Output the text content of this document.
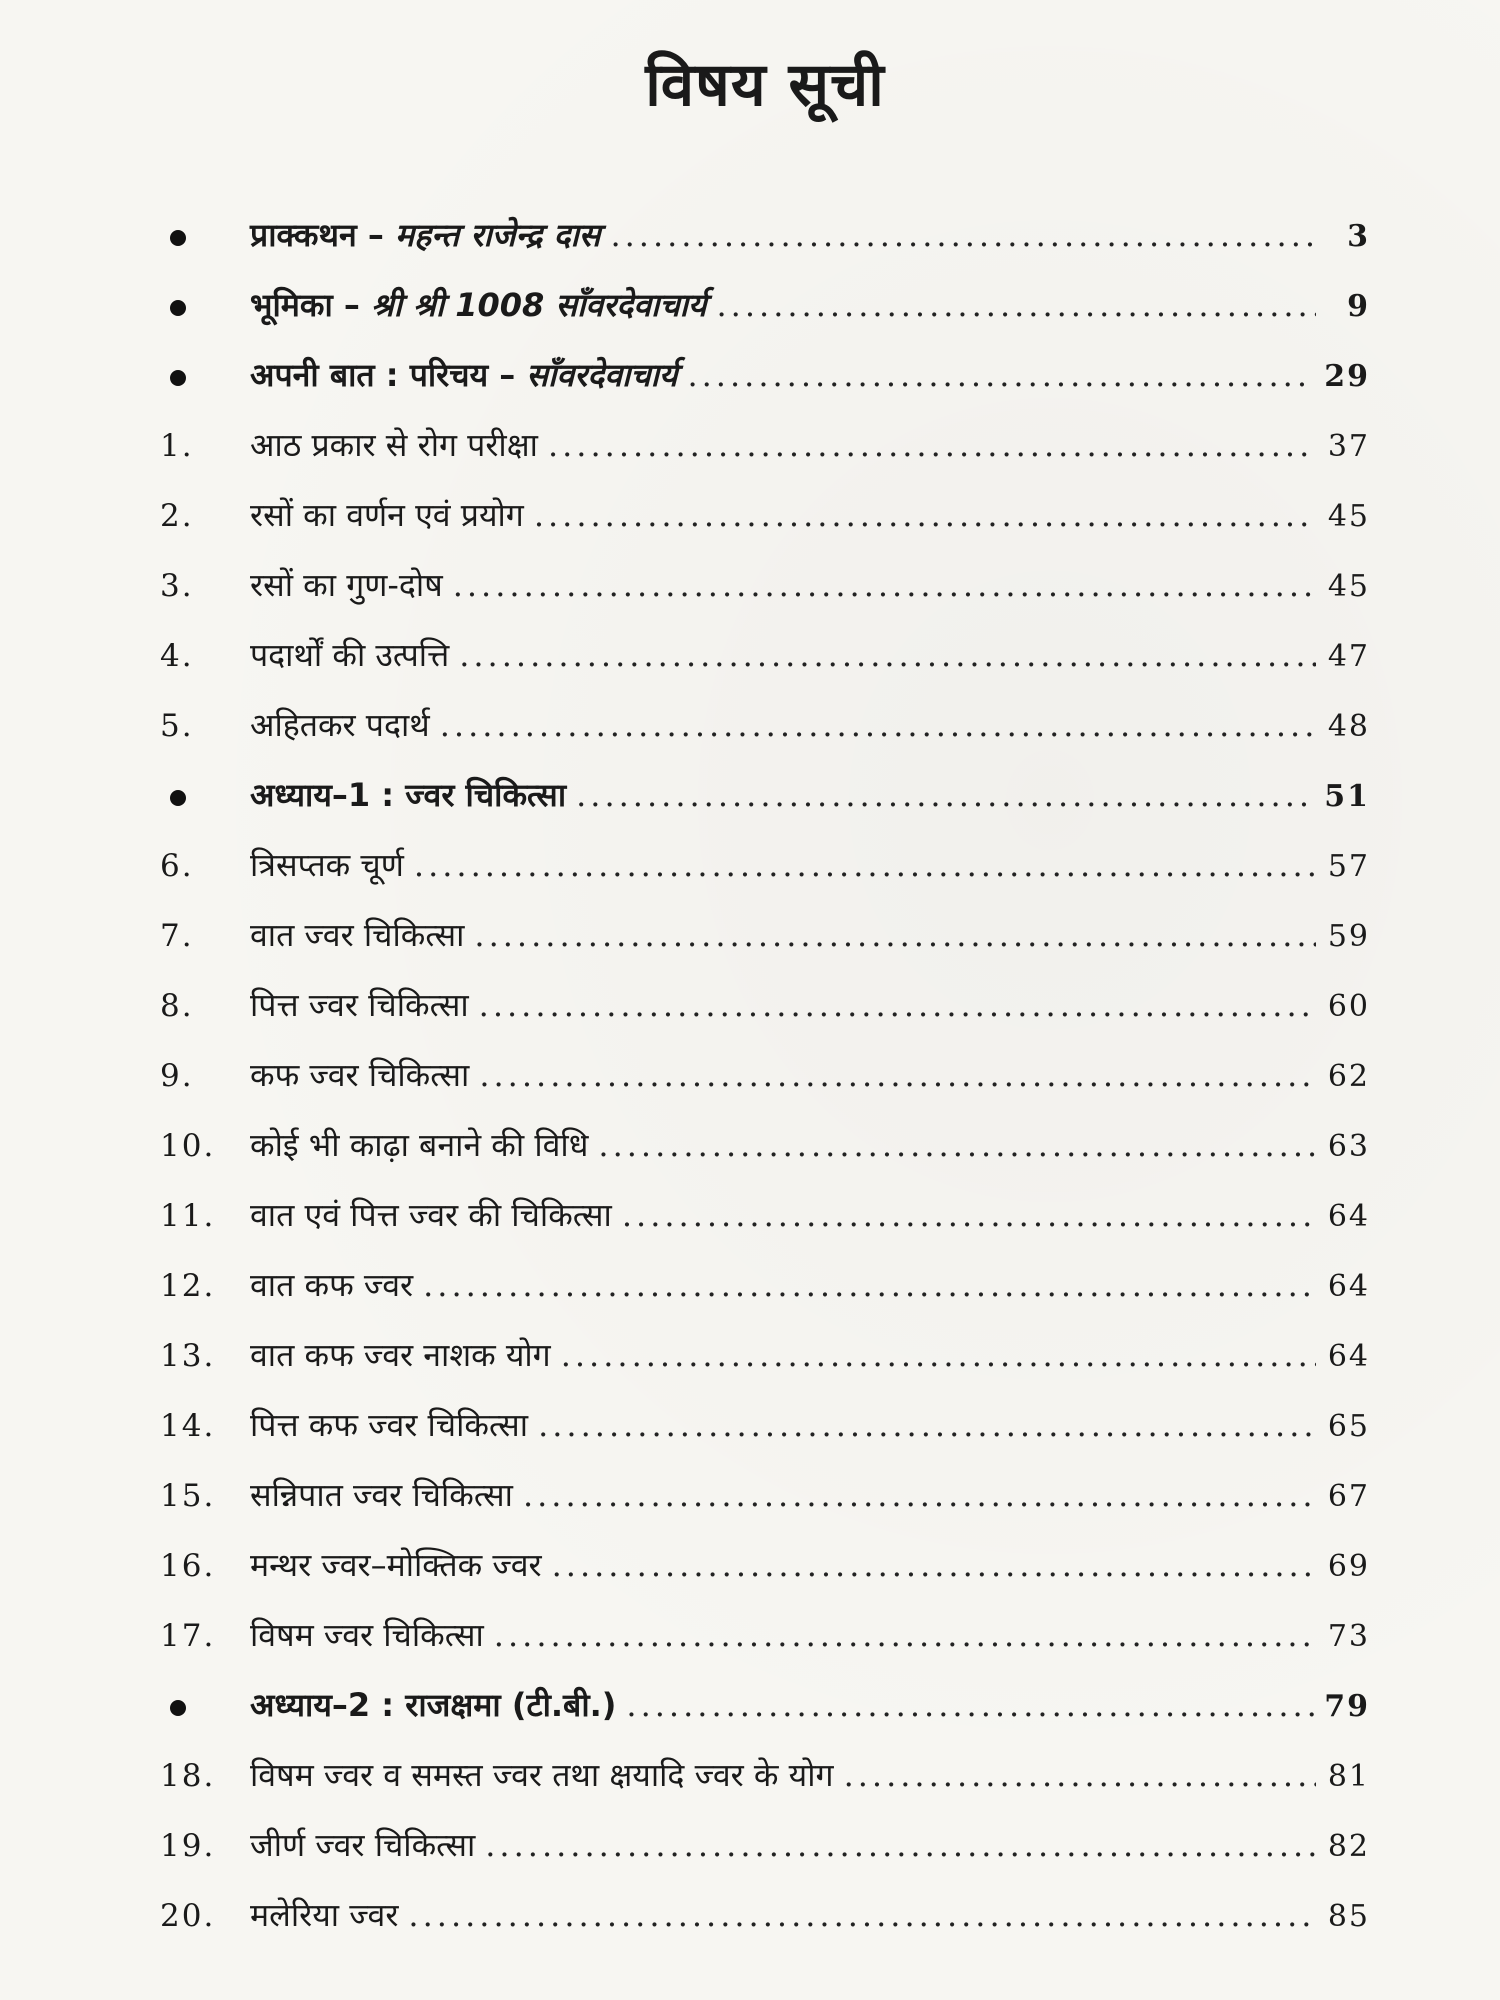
विषय सूची
प्राक्कथन – महन्त राजेन्द्र दास .....	3
भूमिका – श्री श्री 1008 साँवरदेवाचार्य .....	9
अपनी बात : परिचय – साँवरदेवाचार्य .....	29
1.	आठ प्रकार से रोग परीक्षा .....	37
2.	रसों का वर्णन एवं प्रयोग .....	45
3.	रसों का गुण-दोष .....	45
4.	पदार्थों की उत्पत्ति .....	47
5.	अहितकर पदार्थ .....	48
अध्याय–1 : ज्वर चिकित्सा .....	51
6.	त्रिसप्तक चूर्ण .....	57
7.	वात ज्वर चिकित्सा .....	59
8.	पित्त ज्वर चिकित्सा .....	60
9.	कफ ज्वर चिकित्सा .....	62
10.	कोई भी काढ़ा बनाने की विधि .....	63
11.	वात एवं पित्त ज्वर की चिकित्सा .....	64
12.	वात कफ ज्वर .....	64
13.	वात कफ ज्वर नाशक योग .....	64
14.	पित्त कफ ज्वर चिकित्सा .....	65
15.	सन्निपात ज्वर चिकित्सा .....	67
16.	मन्थर ज्वर–मोक्तिक ज्वर .....	69
17.	विषम ज्वर चिकित्सा .....	73
अध्याय–2 : राजक्षमा (टी.बी.) .....	79
18.	विषम ज्वर व समस्त ज्वर तथा क्षयादि ज्वर के योग .....	81
19.	जीर्ण ज्वर चिकित्सा .....	82
20.	मलेरिया ज्वर .....	85
